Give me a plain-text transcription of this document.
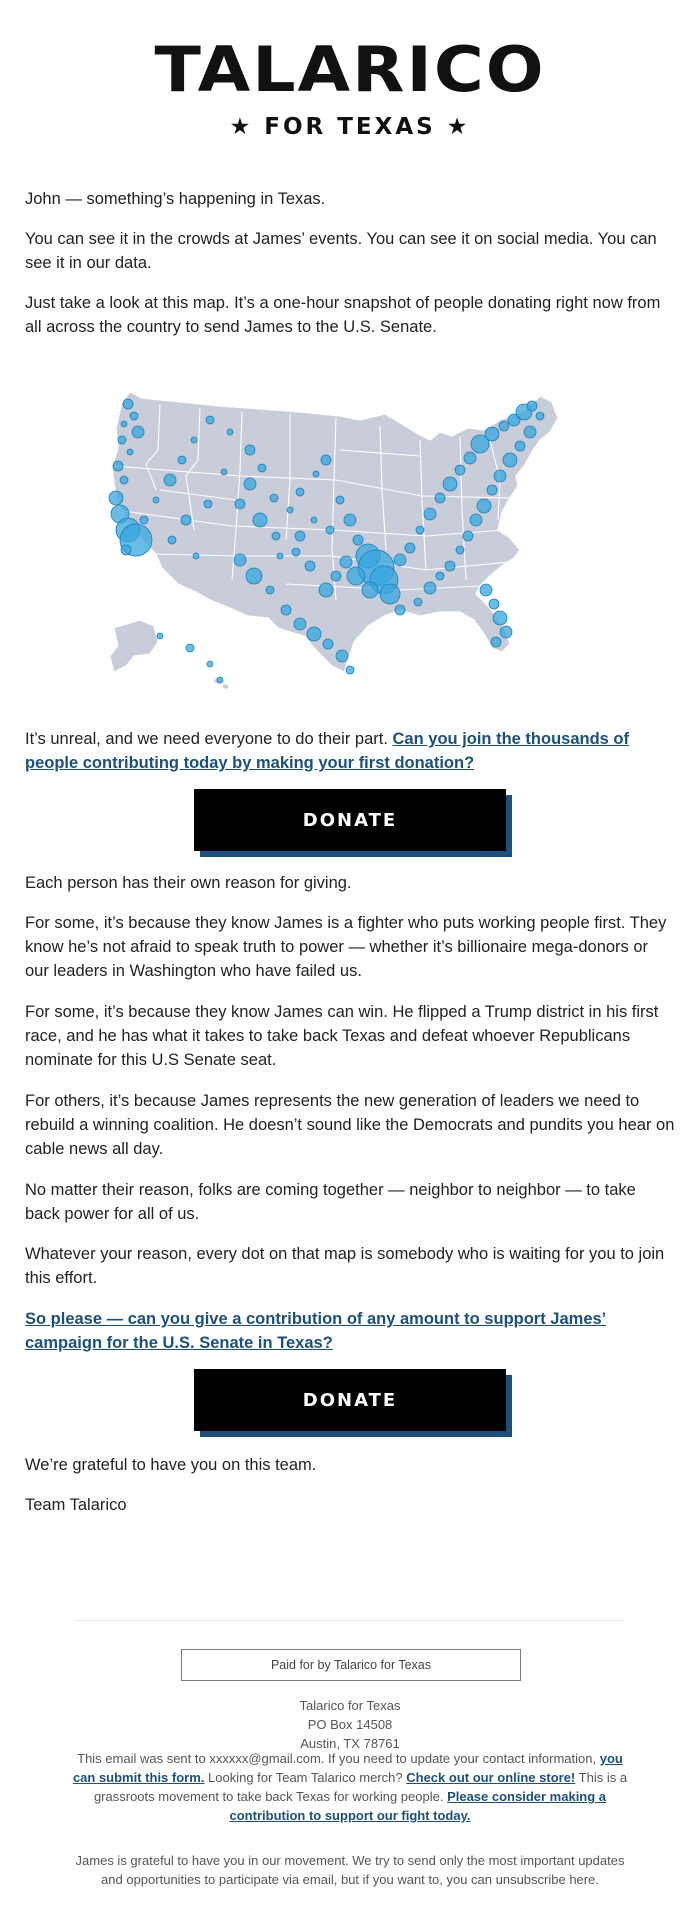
TALARICO
★ FOR TEXAS ★

John — something’s happening in Texas.

You can see it in the crowds at James’ events. You can see it on social media. You can see it in our data.

Just take a look at this map. It’s a one-hour snapshot of people donating right now from all across the country to send James to the U.S. Senate.

It’s unreal, and we need everyone to do their part. Can you join the thousands of people contributing today by making your first donation?

DONATE

Each person has their own reason for giving.

For some, it’s because they know James is a fighter who puts working people first. They know he’s not afraid to speak truth to power — whether it’s billionaire mega-donors or our leaders in Washington who have failed us.

For some, it’s because they know James can win. He flipped a Trump district in his first race, and he has what it takes to take back Texas and defeat whoever Republicans nominate for this U.S Senate seat.

For others, it’s because James represents the new generation of leaders we need to rebuild a winning coalition. He doesn’t sound like the Democrats and pundits you hear on cable news all day.

No matter their reason, folks are coming together — neighbor to neighbor — to take back power for all of us.

Whatever your reason, every dot on that map is somebody who is waiting for you to join this effort.

So please — can you give a contribution of any amount to support James’ campaign for the U.S. Senate in Texas?

DONATE

We’re grateful to have you on this team.

Team Talarico

Paid for by Talarico for Texas
Talarico for Texas
PO Box 14508
Austin, TX 78761

This email was sent to xxxxxx@gmail.com. If you need to update your contact information, you can submit this form. Looking for Team Talarico merch? Check out our online store! This is a grassroots movement to take back Texas for working people. Please consider making a contribution to support our fight today.

James is grateful to have you in our movement. We try to send only the most important updates and opportunities to participate via email, but if you want to, you can unsubscribe here.
